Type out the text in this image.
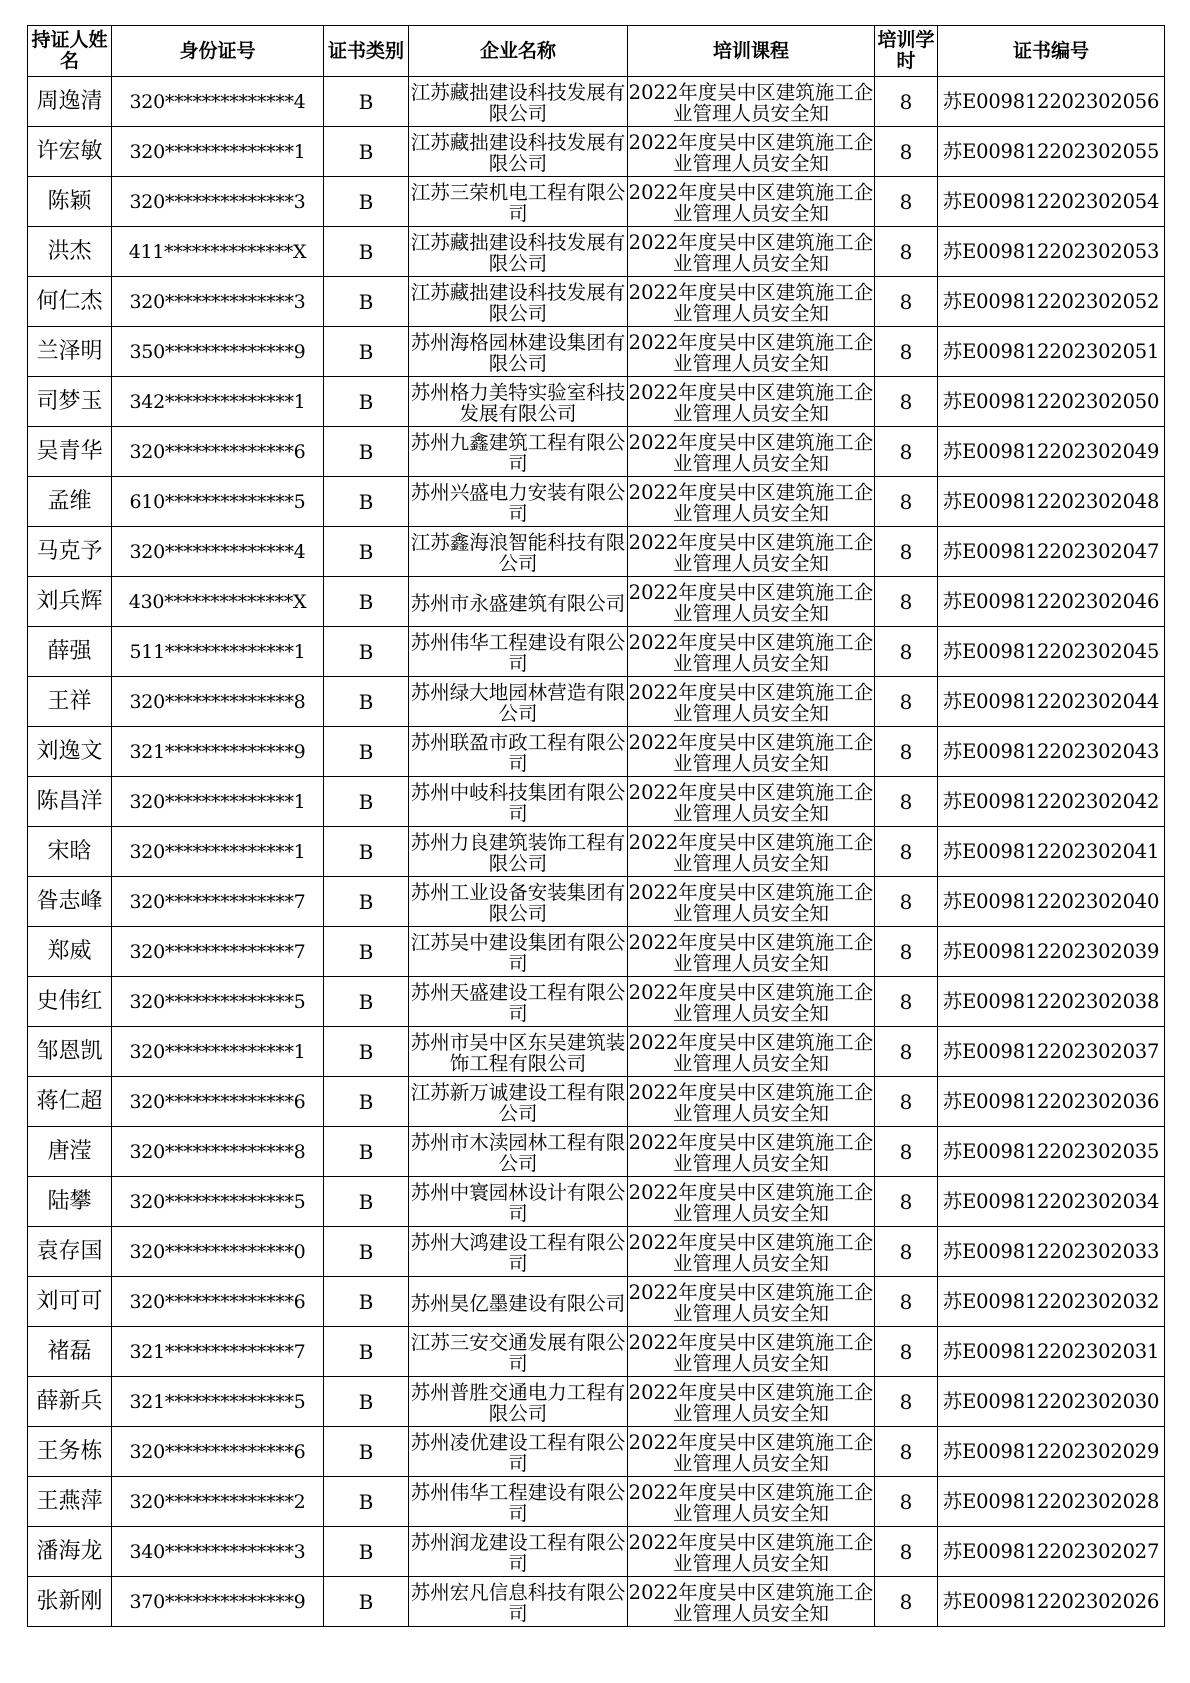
持证人姓名	身份证号	证书类别	企业名称	培训课程	培训学时	证书编号
周逸清	320**************4	B	江苏藏拙建设科技发展有限公司	2022年度吴中区建筑施工企业管理人员安全知	8	苏E009812202302056
许宏敏	320**************1	B	江苏藏拙建设科技发展有限公司	2022年度吴中区建筑施工企业管理人员安全知	8	苏E009812202302055
陈颖	320**************3	B	江苏三荣机电工程有限公司	2022年度吴中区建筑施工企业管理人员安全知	8	苏E009812202302054
洪杰	411**************X	B	江苏藏拙建设科技发展有限公司	2022年度吴中区建筑施工企业管理人员安全知	8	苏E009812202302053
何仁杰	320**************3	B	江苏藏拙建设科技发展有限公司	2022年度吴中区建筑施工企业管理人员安全知	8	苏E009812202302052
兰泽明	350**************9	B	苏州海格园林建设集团有限公司	2022年度吴中区建筑施工企业管理人员安全知	8	苏E009812202302051
司梦玉	342**************1	B	苏州格力美特实验室科技发展有限公司	2022年度吴中区建筑施工企业管理人员安全知	8	苏E009812202302050
吴青华	320**************6	B	苏州九鑫建筑工程有限公司	2022年度吴中区建筑施工企业管理人员安全知	8	苏E009812202302049
孟维	610**************5	B	苏州兴盛电力安装有限公司	2022年度吴中区建筑施工企业管理人员安全知	8	苏E009812202302048
马克予	320**************4	B	江苏鑫海浪智能科技有限公司	2022年度吴中区建筑施工企业管理人员安全知	8	苏E009812202302047
刘兵辉	430**************X	B	苏州市永盛建筑有限公司	2022年度吴中区建筑施工企业管理人员安全知	8	苏E009812202302046
薛强	511**************1	B	苏州伟华工程建设有限公司	2022年度吴中区建筑施工企业管理人员安全知	8	苏E009812202302045
王祥	320**************8	B	苏州绿大地园林营造有限公司	2022年度吴中区建筑施工企业管理人员安全知	8	苏E009812202302044
刘逸文	321**************9	B	苏州联盈市政工程有限公司	2022年度吴中区建筑施工企业管理人员安全知	8	苏E009812202302043
陈昌洋	320**************1	B	苏州中岐科技集团有限公司	2022年度吴中区建筑施工企业管理人员安全知	8	苏E009812202302042
宋晗	320**************1	B	苏州力良建筑装饰工程有限公司	2022年度吴中区建筑施工企业管理人员安全知	8	苏E009812202302041
昝志峰	320**************7	B	苏州工业设备安装集团有限公司	2022年度吴中区建筑施工企业管理人员安全知	8	苏E009812202302040
郑威	320**************7	B	江苏吴中建设集团有限公司	2022年度吴中区建筑施工企业管理人员安全知	8	苏E009812202302039
史伟红	320**************5	B	苏州天盛建设工程有限公司	2022年度吴中区建筑施工企业管理人员安全知	8	苏E009812202302038
邹恩凯	320**************1	B	苏州市吴中区东吴建筑装饰工程有限公司	2022年度吴中区建筑施工企业管理人员安全知	8	苏E009812202302037
蒋仁超	320**************6	B	江苏新万诚建设工程有限公司	2022年度吴中区建筑施工企业管理人员安全知	8	苏E009812202302036
唐滢	320**************8	B	苏州市木渎园林工程有限公司	2022年度吴中区建筑施工企业管理人员安全知	8	苏E009812202302035
陆攀	320**************5	B	苏州中寰园林设计有限公司	2022年度吴中区建筑施工企业管理人员安全知	8	苏E009812202302034
袁存国	320**************0	B	苏州大鸿建设工程有限公司	2022年度吴中区建筑施工企业管理人员安全知	8	苏E009812202302033
刘可可	320**************6	B	苏州昊亿墨建设有限公司	2022年度吴中区建筑施工企业管理人员安全知	8	苏E009812202302032
褚磊	321**************7	B	江苏三安交通发展有限公司	2022年度吴中区建筑施工企业管理人员安全知	8	苏E009812202302031
薛新兵	321**************5	B	苏州普胜交通电力工程有限公司	2022年度吴中区建筑施工企业管理人员安全知	8	苏E009812202302030
王务栋	320**************6	B	苏州凌优建设工程有限公司	2022年度吴中区建筑施工企业管理人员安全知	8	苏E009812202302029
王燕萍	320**************2	B	苏州伟华工程建设有限公司	2022年度吴中区建筑施工企业管理人员安全知	8	苏E009812202302028
潘海龙	340**************3	B	苏州润龙建设工程有限公司	2022年度吴中区建筑施工企业管理人员安全知	8	苏E009812202302027
张新刚	370**************9	B	苏州宏凡信息科技有限公司	2022年度吴中区建筑施工企业管理人员安全知	8	苏E009812202302026
